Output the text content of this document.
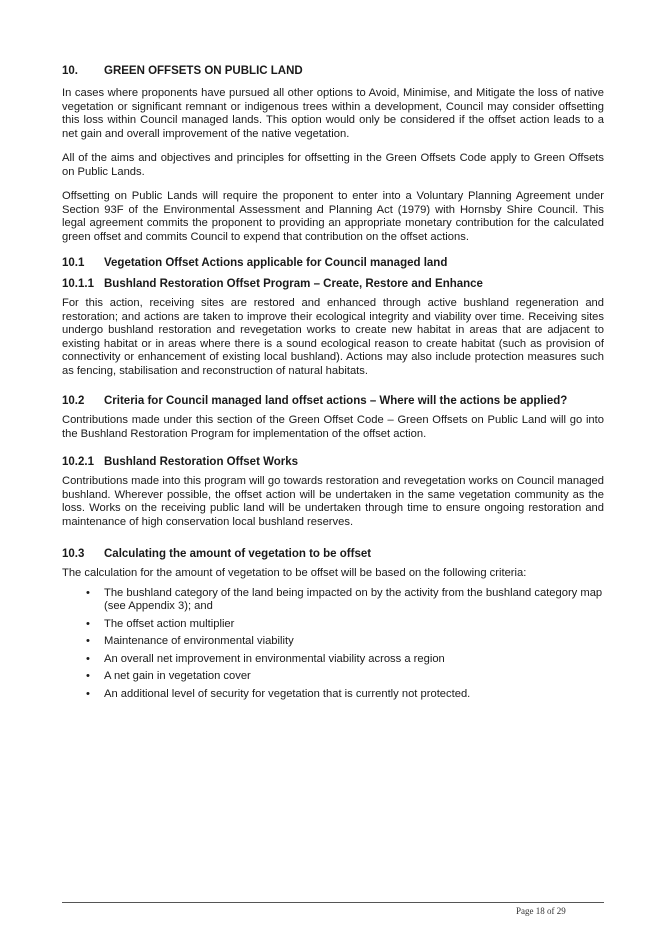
10.	GREEN OFFSETS ON PUBLIC LAND

In cases where proponents have pursued all other options to Avoid, Minimise, and Mitigate the loss of native vegetation or significant remnant or indigenous trees within a development, Council may consider offsetting this loss within Council managed lands. This option would only be considered if the offset action leads to a net gain and overall improvement of the native vegetation.

All of the aims and objectives and principles for offsetting in the Green Offsets Code apply to Green Offsets on Public Lands.

Offsetting on Public Lands will require the proponent to enter into a Voluntary Planning Agreement under Section 93F of the Environmental Assessment and Planning Act (1979) with Hornsby Shire Council. This legal agreement commits the proponent to providing an appropriate monetary contribution for the calculated green offset and commits Council to expend that contribution on the offset actions.

10.1	Vegetation Offset Actions applicable for Council managed land
10.1.1 Bushland Restoration Offset Program – Create, Restore and Enhance

For this action, receiving sites are restored and enhanced through active bushland regeneration and restoration; and actions are taken to improve their ecological integrity and viability over time. Receiving sites undergo bushland restoration and revegetation works to create new habitat in areas that are adjacent to existing habitat or in areas where there is a sound ecological reason to create habitat (such as provision of connectivity or enhancement of existing local bushland). Actions may also include protection measures such as fencing, stabilisation and reconstruction of natural habitats.

10.2	Criteria for Council managed land offset actions – Where will the actions be applied?

Contributions made under this section of the Green Offset Code – Green Offsets on Public Land will go into the Bushland Restoration Program for implementation of the offset action.

10.2.1 Bushland Restoration Offset Works

Contributions made into this program will go towards restoration and revegetation works on Council managed bushland. Wherever possible, the offset action will be undertaken in the same vegetation community as the loss. Works on the receiving public land will be undertaken through time to ensure ongoing restoration and maintenance of high conservation local bushland reserves.

10.3	Calculating the amount of vegetation to be offset

The calculation for the amount of vegetation to be offset will be based on the following criteria:

• The bushland category of the land being impacted on by the activity from the bushland category map (see Appendix 3); and
• The offset action multiplier
• Maintenance of environmental viability
• An overall net improvement in environmental viability across a region
• A net gain in vegetation cover
• An additional level of security for vegetation that is currently not protected.
Page 18 of 29
